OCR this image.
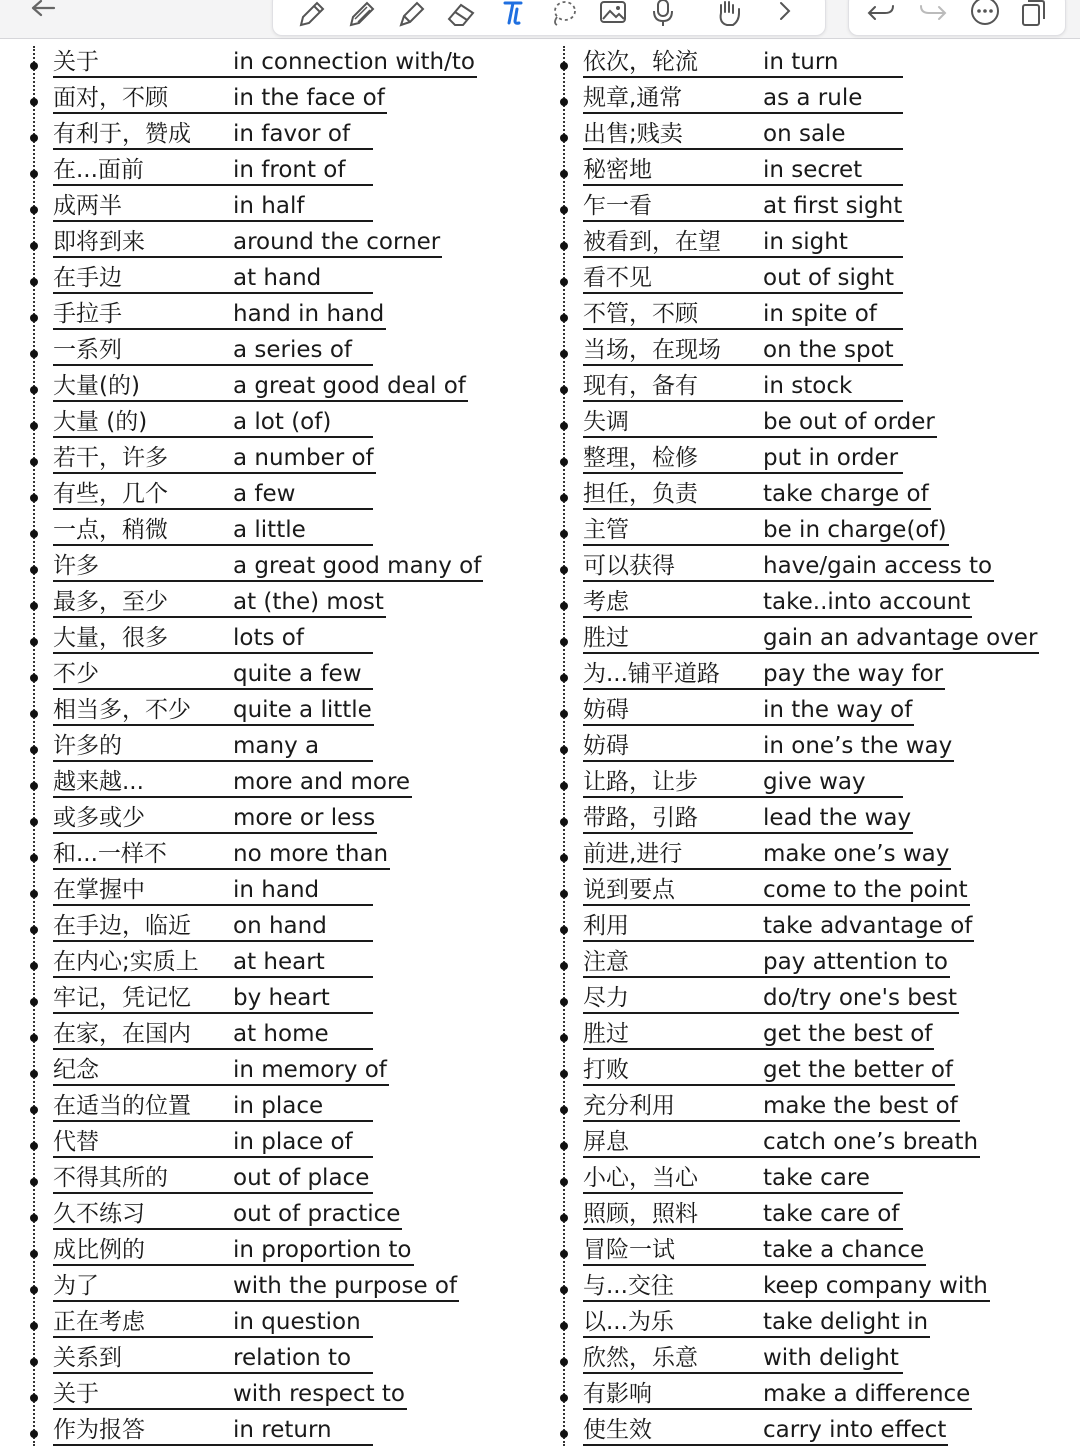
关于	in connection with/to
面对，不顾	in the face of
有利于，赞成	in favor of
在...面前	in front of
成两半	in half
即将到来	around the corner
在手边	at hand
手拉手	hand in hand
一系列	a series of
大量(的)	a great good deal of
大量 (的)	a lot (of)
若干，许多	a number of
有些，几个	a few
一点，稍微	a little
许多	a great good many of
最多，至少	at (the) most
大量，很多	lots of
不少	quite a few
相当多，不少	quite a little
许多的	many a
越来越...	more and more
或多或少	more or less
和...一样不	no more than
在掌握中	in hand
在手边，临近	on hand
在内心;实质上	at heart
牢记，凭记忆	by heart
在家，在国内	at home
纪念	in memory of
在适当的位置	in place
代替	in place of
不得其所的	out of place
久不练习	out of practice
成比例的	in proportion to
为了	with the purpose of
正在考虑	in question
关系到	relation to
关于	with respect to
作为报答	in return
依次，轮流	in turn
规章,通常	as a rule
出售;贱卖	on sale
秘密地	in secret
乍一看	at first sight
被看到，在望	in sight
看不见	out of sight
不管，不顾	in spite of
当场，在现场	on the spot
现有，备有	in stock
失调	be out of order
整理，检修	put in order
担任，负责	take charge of
主管	be in charge(of)
可以获得	have/gain access to
考虑	take..into account
胜过	gain an advantage over
为...铺平道路	pay the way for
妨碍	in the way of
妨碍	in one’s the way
让路，让步	give way
带路，引路	lead the way
前进,进行	make one’s way
说到要点	come to the point
利用	take advantage of
注意	pay attention to
尽力	do/try one's best
胜过	get the best of
打败	get the better of
充分利用	make the best of
屏息	catch one’s breath
小心，当心	take care
照顾，照料	take care of
冒险一试	take a chance
与...交往	keep company with
以...为乐	take delight in
欣然，乐意	with delight
有影响	make a difference
使生效	carry into effect
